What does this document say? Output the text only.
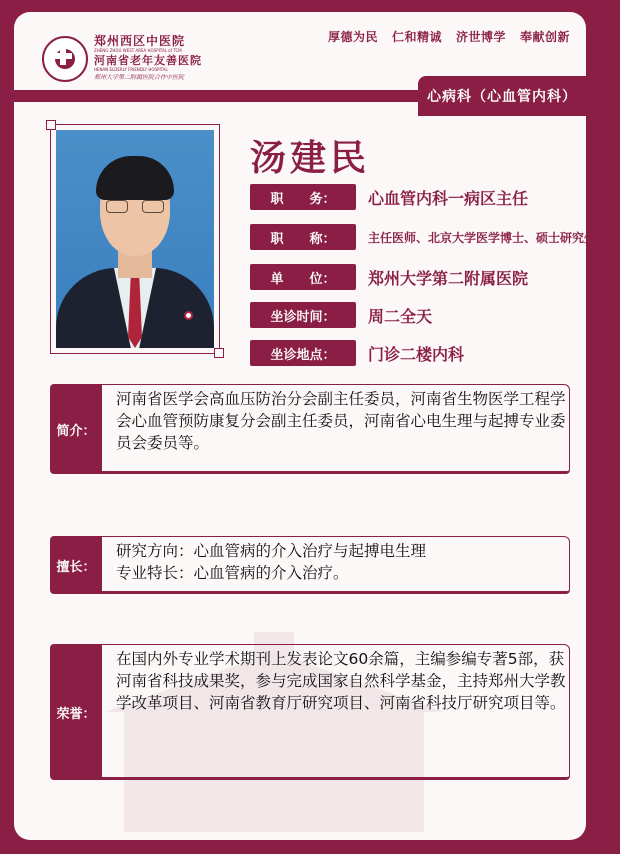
郑州西区中医院
ZHENG ZHOU WEST AREA HOSPITAL of TCM
河南省老年友善医院
HENAN ELDERLY FRIENDLY HOSPITAL
郑州大学第二附属医院合作中医院
厚德为民 仁和精诚 济世博学 奉献创新
心病科（心血管内科）
汤建民
职　　务：	心血管内科一病区主任
职　　称：	主任医师、北京大学医学博士、硕士研究生导师
单　　位：	郑州大学第二附属医院
坐诊时间：	周二全天
坐诊地点：	门诊二楼内科
简介：
河南省医学会高血压防治分会副主任委员，河南省生物医学工程学会心血管预防康复分会副主任委员，河南省心电生理与起搏专业委员会委员等。
擅长：
研究方向：心血管病的介入治疗与起搏电生理
专业特长：心血管病的介入治疗。
荣誉：
在国内外专业学术期刊上发表论文60余篇，主编参编专著5部，获河南省科技成果奖，参与完成国家自然科学基金，主持郑州大学教学改革项目、河南省教育厅研究项目、河南省科技厅研究项目等。
